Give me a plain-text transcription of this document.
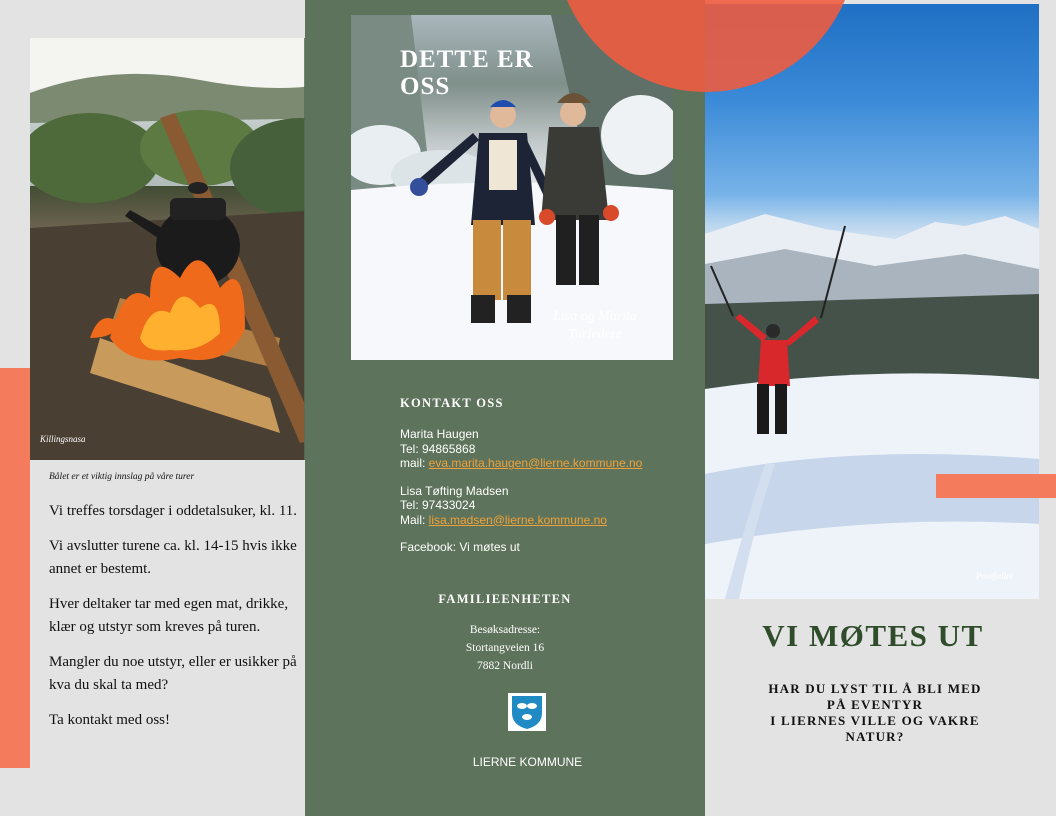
Killingsnasa

Bålet er et viktig innslag på våre turer

Vi treffes torsdager i oddetalsuker, kl. 11.

Vi avslutter turene ca. kl. 14-15 hvis ikke annet er bestemt.

Hver deltaker tar med egen mat, drikke, klær og utstyr som kreves på turen.

Mangler du noe utstyr, eller er usikker på kva du skal ta med?

Ta kontakt med oss!

DETTE ER
OSS
Lisa og Marita
Turledere
KONTAKT OSS
Marita Haugen
Tel: 94865868
mail: eva.marita.haugen@lierne.kommune.no
Lisa Tøfting Madsen
Tel: 97433024
Mail: lisa.madsen@lierne.kommune.no
Facebook: Vi møtes ut
FAMILIEENHETEN
Besøksadresse:
Stortangveien 16
7882 Nordli
LIERNE KOMMUNE
Postfjellet
VI MØTES UT
HAR DU LYST TIL Å BLI MED
PÅ EVENTYR
I LIERNES VILLE OG VAKRE
NATUR?
